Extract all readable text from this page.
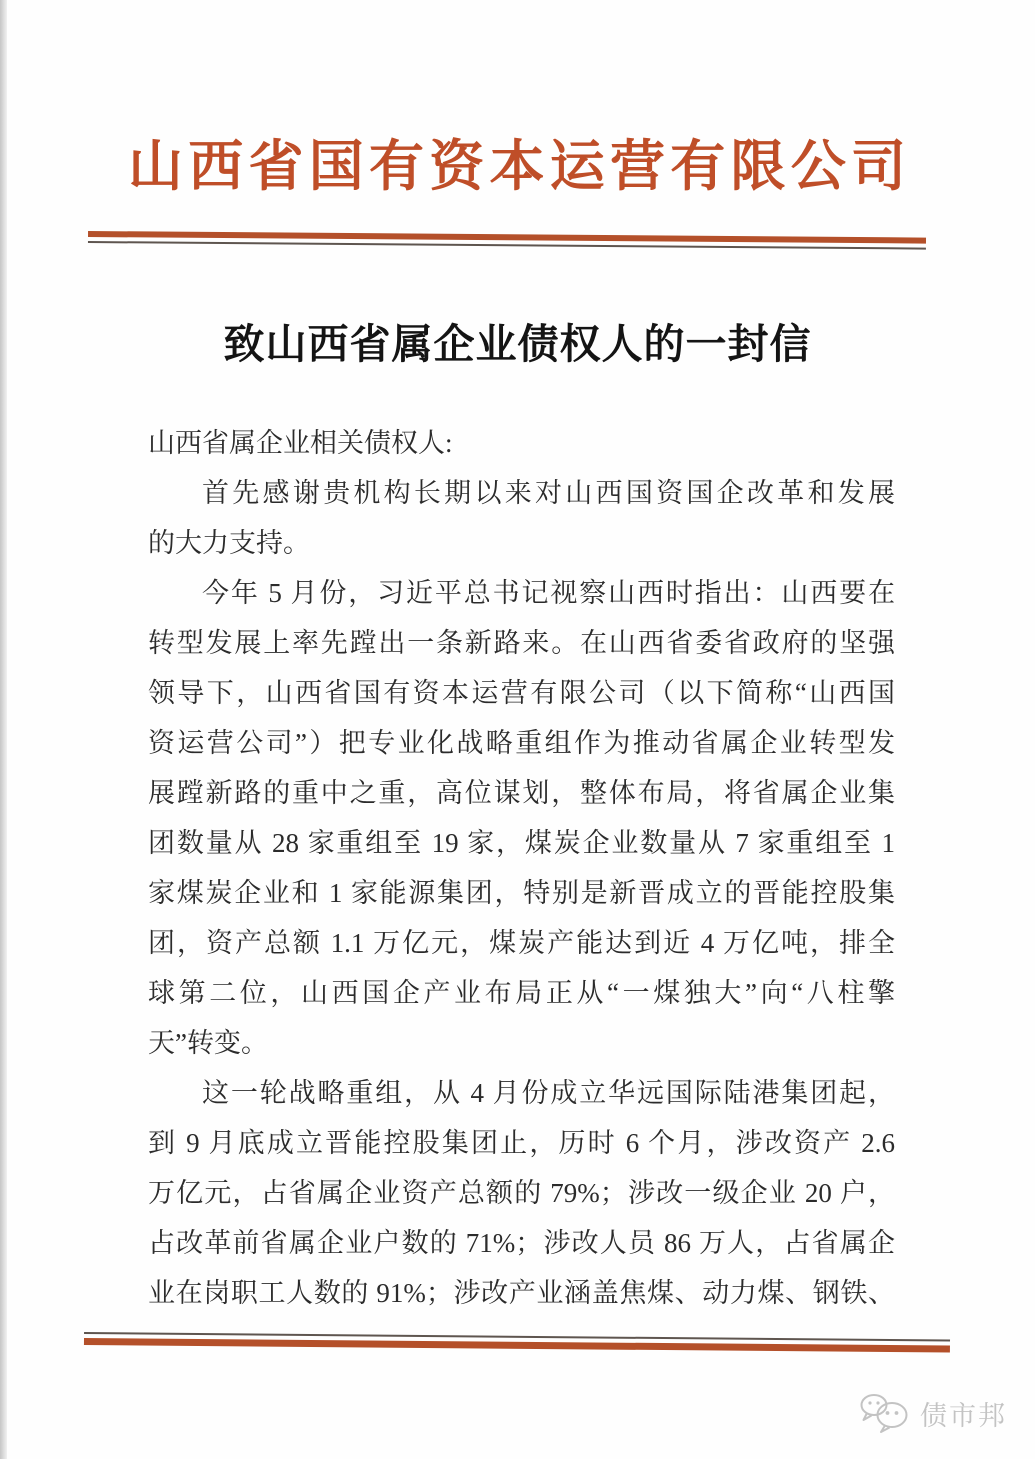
山西省国有资本运营有限公司
致山西省属企业债权人的一封信
山西省属企业相关债权人:
首先感谢贵机构长期以来对山西国资国企改革和发展
的大力支持。
今年 5 月份，习近平总书记视察山西时指出：山西要在
转型发展上率先蹚出一条新路来。在山西省委省政府的坚强
领导下，山西省国有资本运营有限公司（以下简称“山西国
资运营公司”）把专业化战略重组作为推动省属企业转型发
展蹚新路的重中之重，高位谋划，整体布局，将省属企业集
团数量从 28 家重组至 19 家，煤炭企业数量从 7 家重组至 1
家煤炭企业和 1 家能源集团，特别是新晋成立的晋能控股集
团，资产总额 1.1 万亿元，煤炭产能达到近 4 万亿吨，排全
球第二位，山西国企产业布局正从“一煤独大”向“八柱擎
天”转变。
这一轮战略重组，从 4 月份成立华远国际陆港集团起，
到 9 月底成立晋能控股集团止，历时 6 个月，涉改资产 2.6
万亿元，占省属企业资产总额的 79%；涉改一级企业 20 户，
占改革前省属企业户数的 71%；涉改人员 86 万人，占省属企
业在岗职工人数的 91%；涉改产业涵盖焦煤、动力煤、钢铁、
债市邦
